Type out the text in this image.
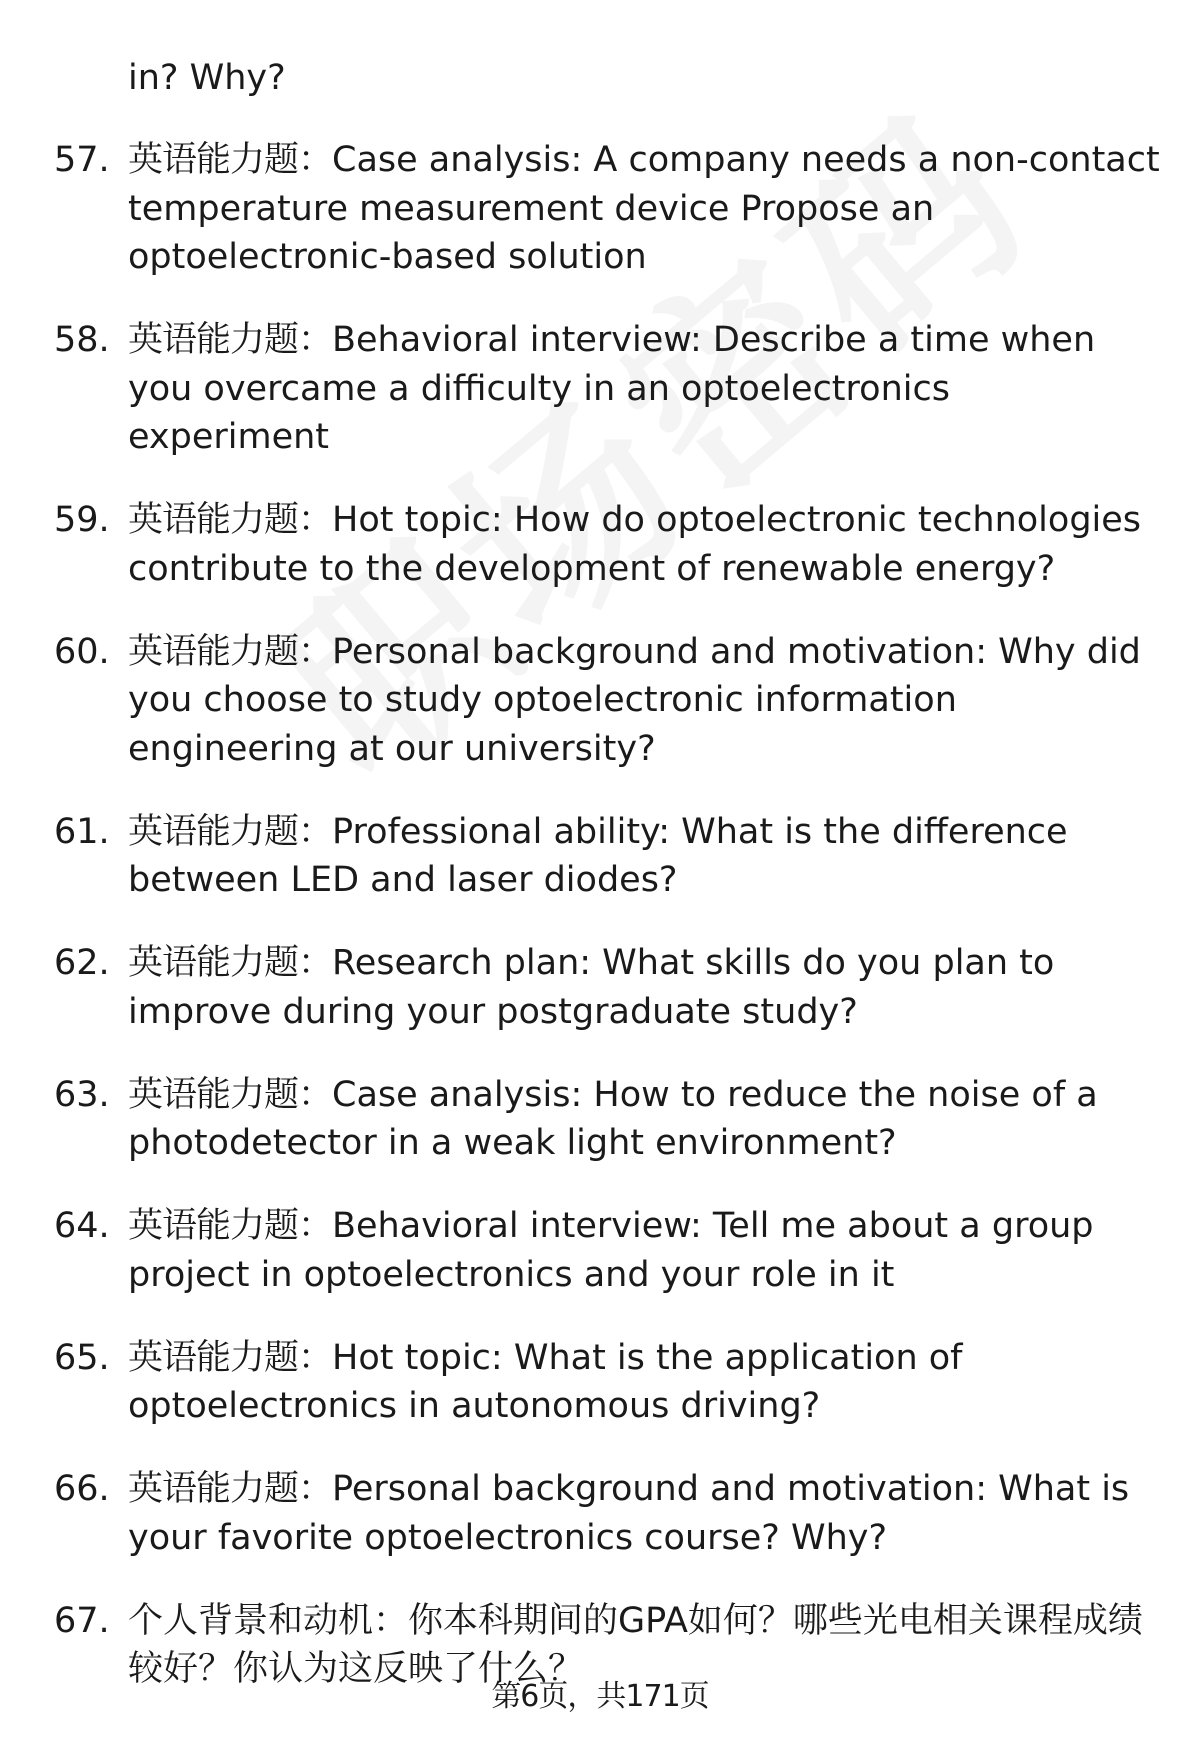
in? Why?

57. 英语能力题：Case analysis: A company needs a non-contact temperature measurement device Propose an optoelectronic-based solution
58. 英语能力题：Behavioral interview: Describe a time when you overcame a difficulty in an optoelectronics experiment
59. 英语能力题：Hot topic: How do optoelectronic technologies contribute to the development of renewable energy?
60. 英语能力题：Personal background and motivation: Why did you choose to study optoelectronic information engineering at our university?
61. 英语能力题：Professional ability: What is the difference between LED and laser diodes?
62. 英语能力题：Research plan: What skills do you plan to improve during your postgraduate study?
63. 英语能力题：Case analysis: How to reduce the noise of a photodetector in a weak light environment?
64. 英语能力题：Behavioral interview: Tell me about a group project in optoelectronics and your role in it
65. 英语能力题：Hot topic: What is the application of optoelectronics in autonomous driving?
66. 英语能力题：Personal background and motivation: What is your favorite optoelectronics course? Why?
67. 个人背景和动机：你本科期间的GPA如何？哪些光电相关课程成绩较好？你认为这反映了什么？
第6页，共171页
